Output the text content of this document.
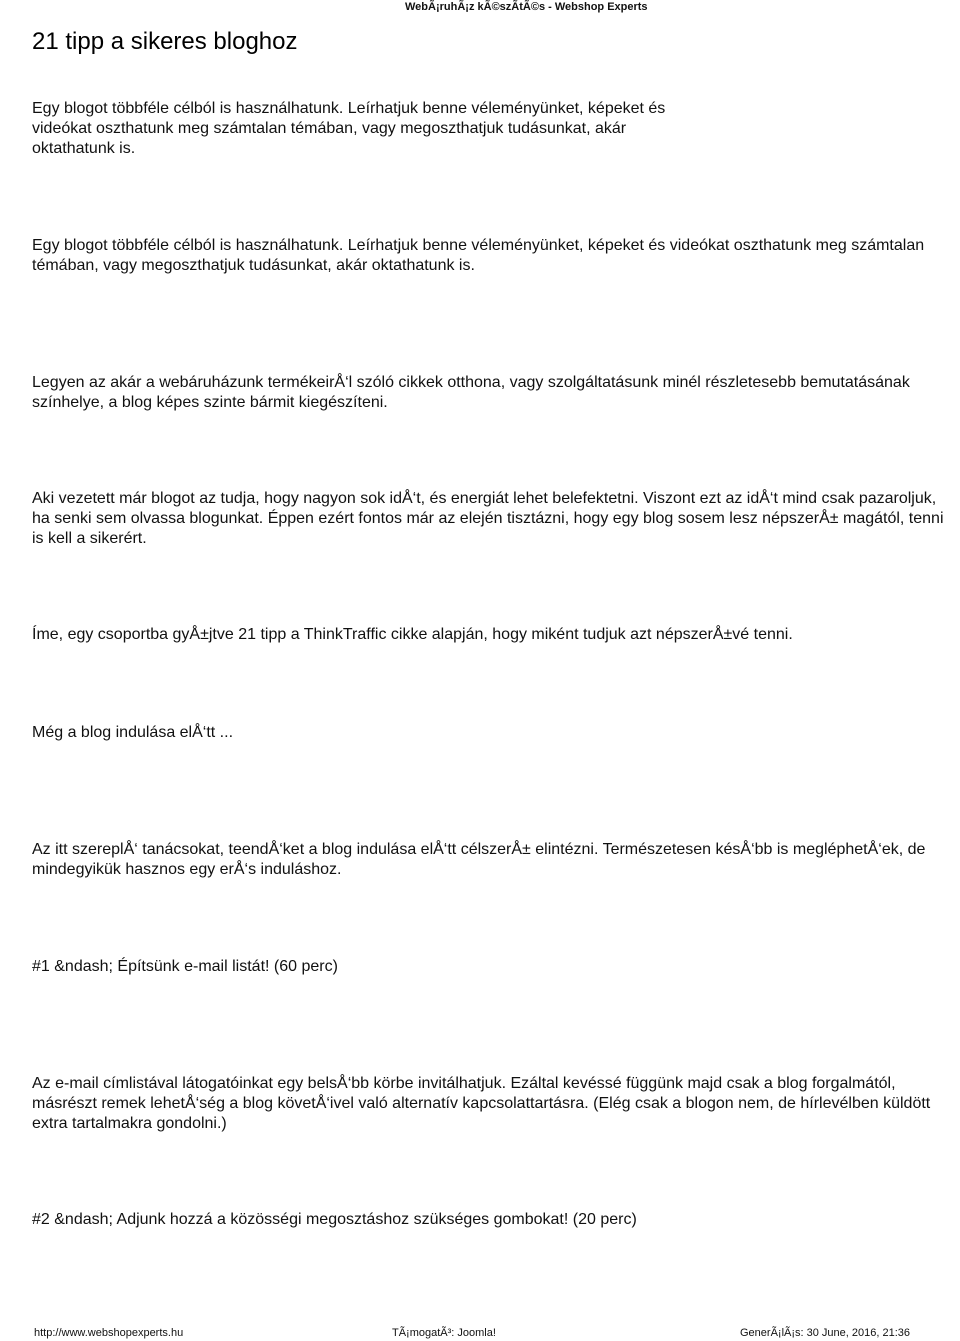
WebÃ¡ruhÃ¡z kÃ©szÃtÃ©s - Webshop Experts
21 tipp a sikeres bloghoz

Egy blogot többféle célból is használhatunk. Leírhatjuk benne véleményünket, képeket és videókat oszthatunk meg számtalan témában, vagy megoszthatjuk tudásunkat, akár oktathatunk is.

Egy blogot többféle célból is használhatunk. Leírhatjuk benne véleményünket, képeket és videókat oszthatunk meg számtalan témában, vagy megoszthatjuk tudásunkat, akár oktathatunk is.

Legyen az akár a webáruházunk termékeirÅ‘l szóló cikkek otthona, vagy szolgáltatásunk minél részletesebb bemutatásának színhelye, a blog képes szinte bármit kiegészíteni.

Aki vezetett már blogot az tudja, hogy nagyon sok idÅ‘t, és energiát lehet belefektetni. Viszont ezt az idÅ‘t mind csak pazaroljuk, ha senki sem olvassa blogunkat. Éppen ezért fontos már az elején tisztázni, hogy egy blog sosem lesz népszerÅ± magától, tenni is kell a sikerért.

Íme, egy csoportba gyÅ±jtve 21 tipp a ThinkTraffic cikke alapján, hogy miként tudjuk azt népszerÅ±vé tenni.

Még a blog indulása elÅ‘tt ...

Az itt szereplÅ‘ tanácsokat, teendÅ‘ket a blog indulása elÅ‘tt célszerÅ± elintézni. Természetesen késÅ‘bb is megléphetÅ‘ek, de mindegyikük hasznos egy erÅ‘s induláshoz.

#1 &ndash; Építsünk e-mail listát! (60 perc)

Az e-mail címlistával látogatóinkat egy belsÅ‘bb körbe invitálhatjuk. Ezáltal kevéssé függünk majd csak a blog forgalmától, másrészt remek lehetÅ‘ség a blog követÅ‘ivel való alternatív kapcsolattartásra. (Elég csak a blogon nem, de hírlevélben küldött extra tartalmakra gondolni.)

#2 &ndash; Adjunk hozzá a közösségi megosztáshoz szükséges gombokat! (20 perc)

http://www.webshopexperts.hu	TÃ¡mogatÃ³: Joomla!	GenerÃ¡lÃ¡s: 30 June, 2016, 21:36
